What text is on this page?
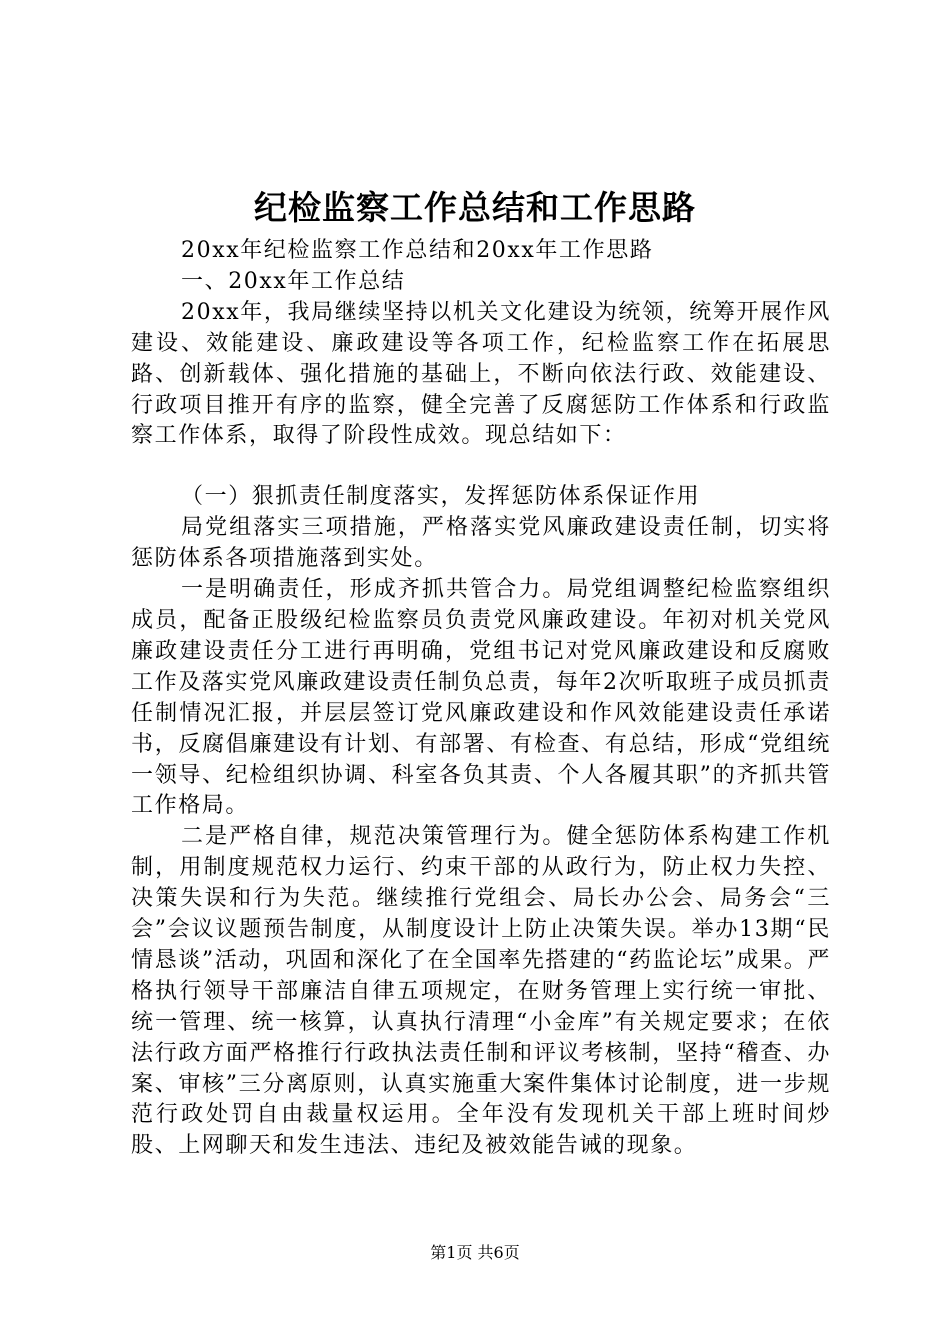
纪检监察工作总结和工作思路

20xx年纪检监察工作总结和20xx年工作思路

一、20xx年工作总结

20xx年，我局继续坚持以机关文化建设为统领，统筹开展作风建设、效能建设、廉政建设等各项工作，纪检监察工作在拓展思路、创新载体、强化措施的基础上，不断向依法行政、效能建设、行政项目推开有序的监察，健全完善了反腐惩防工作体系和行政监察工作体系，取得了阶段性成效。现总结如下：

（一）狠抓责任制度落实，发挥惩防体系保证作用

局党组落实三项措施，严格落实党风廉政建设责任制，切实将惩防体系各项措施落到实处。

一是明确责任，形成齐抓共管合力。局党组调整纪检监察组织成员，配备正股级纪检监察员负责党风廉政建设。年初对机关党风廉政建设责任分工进行再明确，党组书记对党风廉政建设和反腐败工作及落实党风廉政建设责任制负总责，每年2次听取班子成员抓责任制情况汇报，并层层签订党风廉政建设和作风效能建设责任承诺书，反腐倡廉建设有计划、有部署、有检查、有总结，形成“党组统一领导、纪检组织协调、科室各负其责、个人各履其职”的齐抓共管工作格局。

二是严格自律，规范决策管理行为。健全惩防体系构建工作机制，用制度规范权力运行、约束干部的从政行为，防止权力失控、决策失误和行为失范。继续推行党组会、局长办公会、局务会“三会”会议议题预告制度，从制度设计上防止决策失误。举办13期“民情恳谈”活动，巩固和深化了在全国率先搭建的“药监论坛”成果。严格执行领导干部廉洁自律五项规定，在财务管理上实行统一审批、统一管理、统一核算，认真执行清理“小金库”有关规定要求；在依法行政方面严格推行行政执法责任制和评议考核制，坚持“稽查、办案、审核”三分离原则，认真实施重大案件集体讨论制度，进一步规范行政处罚自由裁量权运用。全年没有发现机关干部上班时间炒股、上网聊天和发生违法、违纪及被效能告诫的现象。

第1页 共6页
